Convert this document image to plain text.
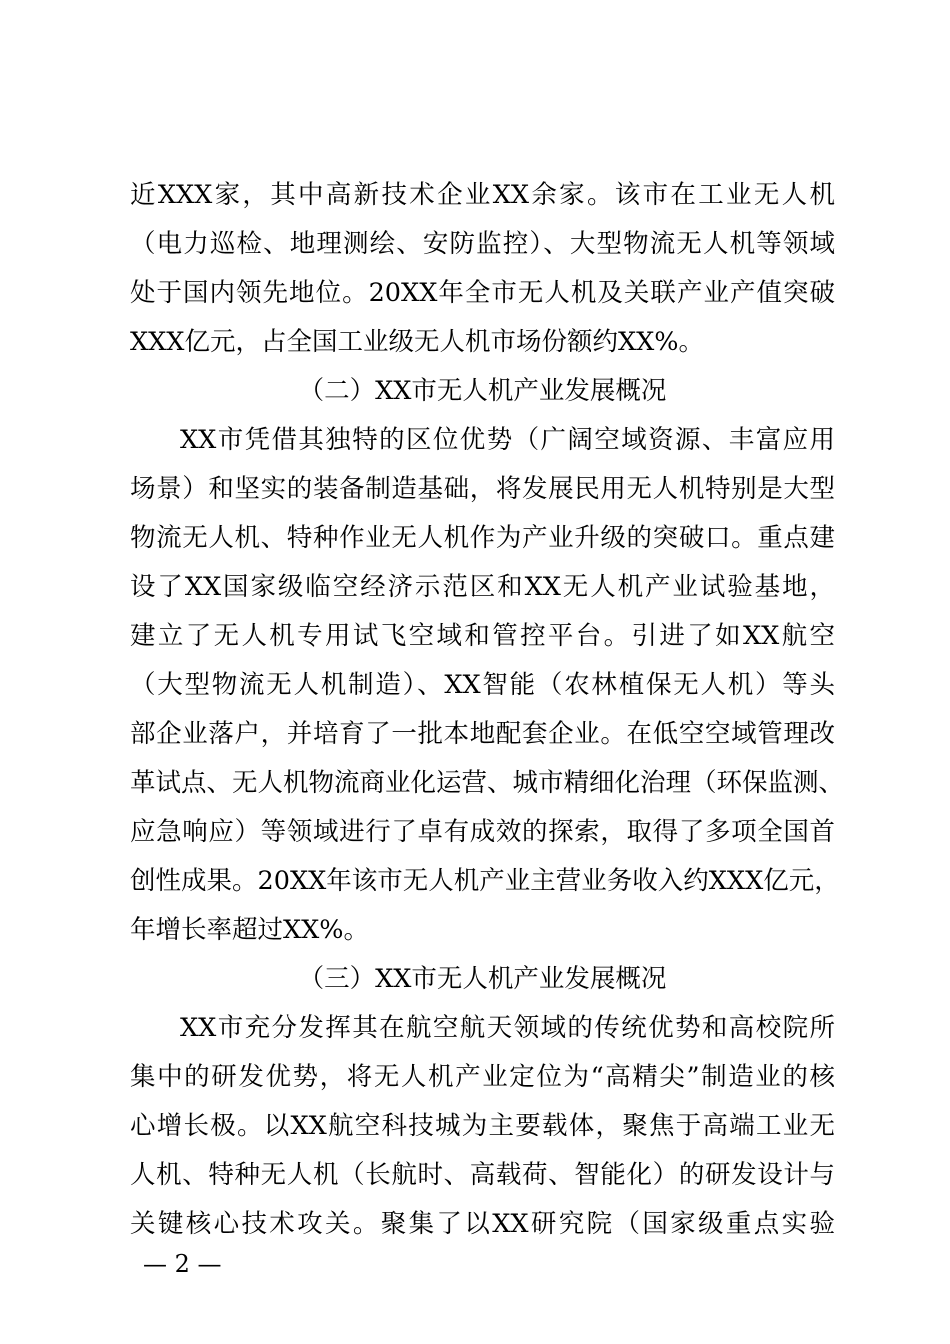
近XXX家，其中高新技术企业XX余家。该市在工业无人机
（电力巡检、地理测绘、安防监控）、大型物流无人机等领域
处于国内领先地位。20XX年全市无人机及关联产业产值突破
XXX亿元，占全国工业级无人机市场份额约XX%。
（二）XX市无人机产业发展概况
XX市凭借其独特的区位优势（广阔空域资源、丰富应用
场景）和坚实的装备制造基础，将发展民用无人机特别是大型
物流无人机、特种作业无人机作为产业升级的突破口。重点建
设了XX国家级临空经济示范区和XX无人机产业试验基地，
建立了无人机专用试飞空域和管控平台。引进了如XX航空
（大型物流无人机制造）、XX智能（农林植保无人机）等头
部企业落户，并培育了一批本地配套企业。在低空空域管理改
革试点、无人机物流商业化运营、城市精细化治理（环保监测、
应急响应）等领域进行了卓有成效的探索，取得了多项全国首
创性成果。20XX年该市无人机产业主营业务收入约XXX亿元，
年增长率超过XX%。
（三）XX市无人机产业发展概况
XX市充分发挥其在航空航天领域的传统优势和高校院所
集中的研发优势，将无人机产业定位为“高精尖”制造业的核
心增长极。以XX航空科技城为主要载体，聚焦于高端工业无
人机、特种无人机（长航时、高载荷、智能化）的研发设计与
关键核心技术攻关。聚集了以XX研究院（国家级重点实验
— 2 —
